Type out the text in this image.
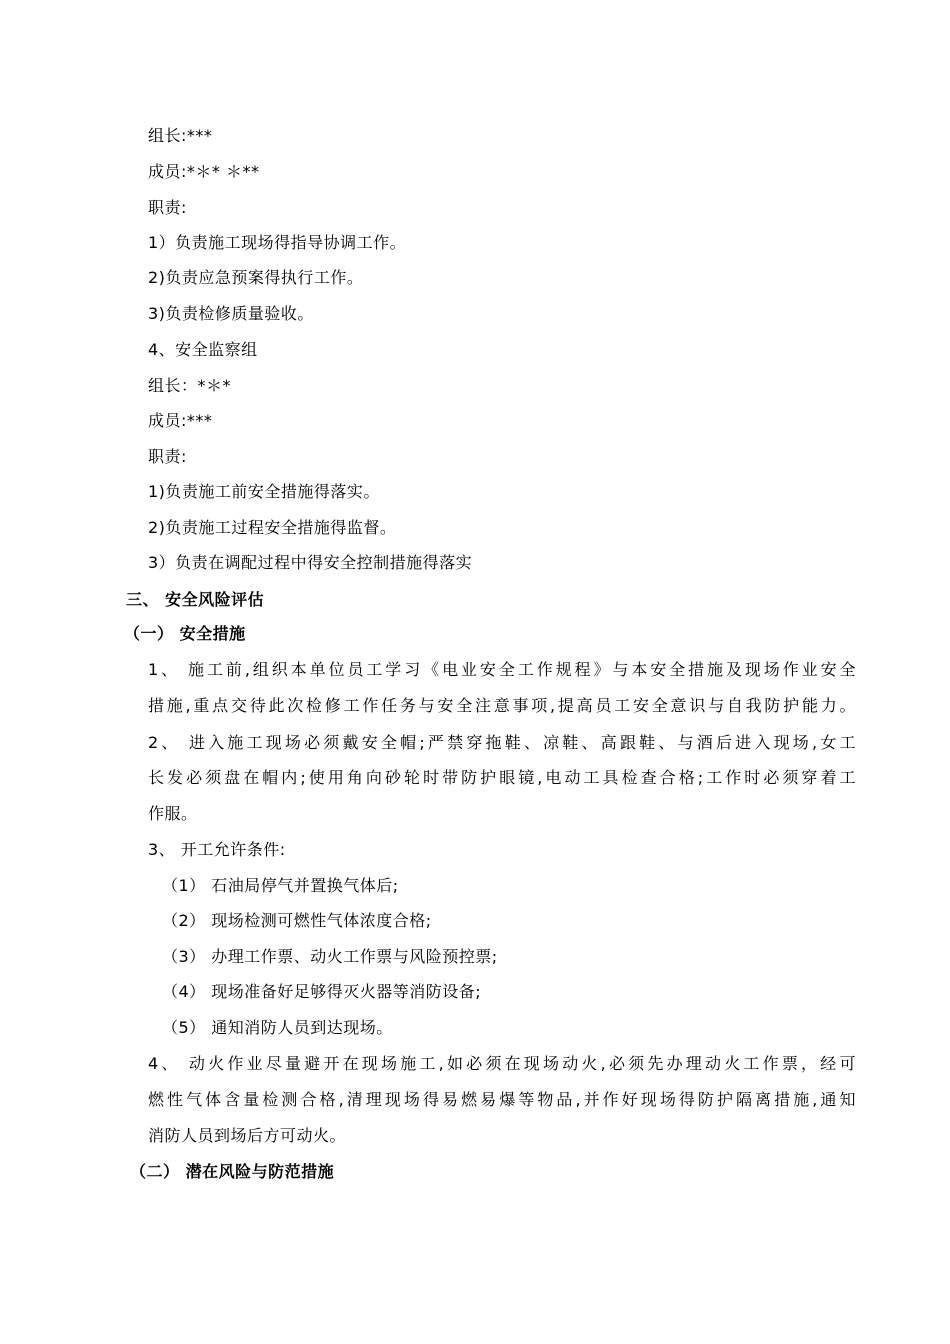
组长:***
成员:*＊* ＊**
职责:
1）负责施工现场得指导协调工作。
2)负责应急预案得执行工作。
3)负责检修质量验收。
4、安全监察组
组长：*＊*
成员:***
职责:
1)负责施工前安全措施得落实。
2)负责施工过程安全措施得监督。
3）负责在调配过程中得安全控制措施得落实
三、 安全风险评估
（一） 安全措施
1、 施工前,组织本单位员工学习《电业安全工作规程》与本安全措施及现场作业安全
措施,重点交待此次检修工作任务与安全注意事项,提高员工安全意识与自我防护能力。
2、 进入施工现场必须戴安全帽;严禁穿拖鞋、凉鞋、高跟鞋、与酒后进入现场,女工
长发必须盘在帽内;使用角向砂轮时带防护眼镜,电动工具检查合格;工作时必须穿着工
作服。
3、 开工允许条件:
（1） 石油局停气并置换气体后;
（2） 现场检测可燃性气体浓度合格;
（3） 办理工作票、动火工作票与风险预控票;
（4） 现场准备好足够得灭火器等消防设备;
（5） 通知消防人员到达现场。
4、 动火作业尽量避开在现场施工,如必须在现场动火,必须先办理动火工作票，经可
燃性气体含量检测合格,清理现场得易燃易爆等物品,并作好现场得防护隔离措施,通知
消防人员到场后方可动火。
（二） 潜在风险与防范措施
